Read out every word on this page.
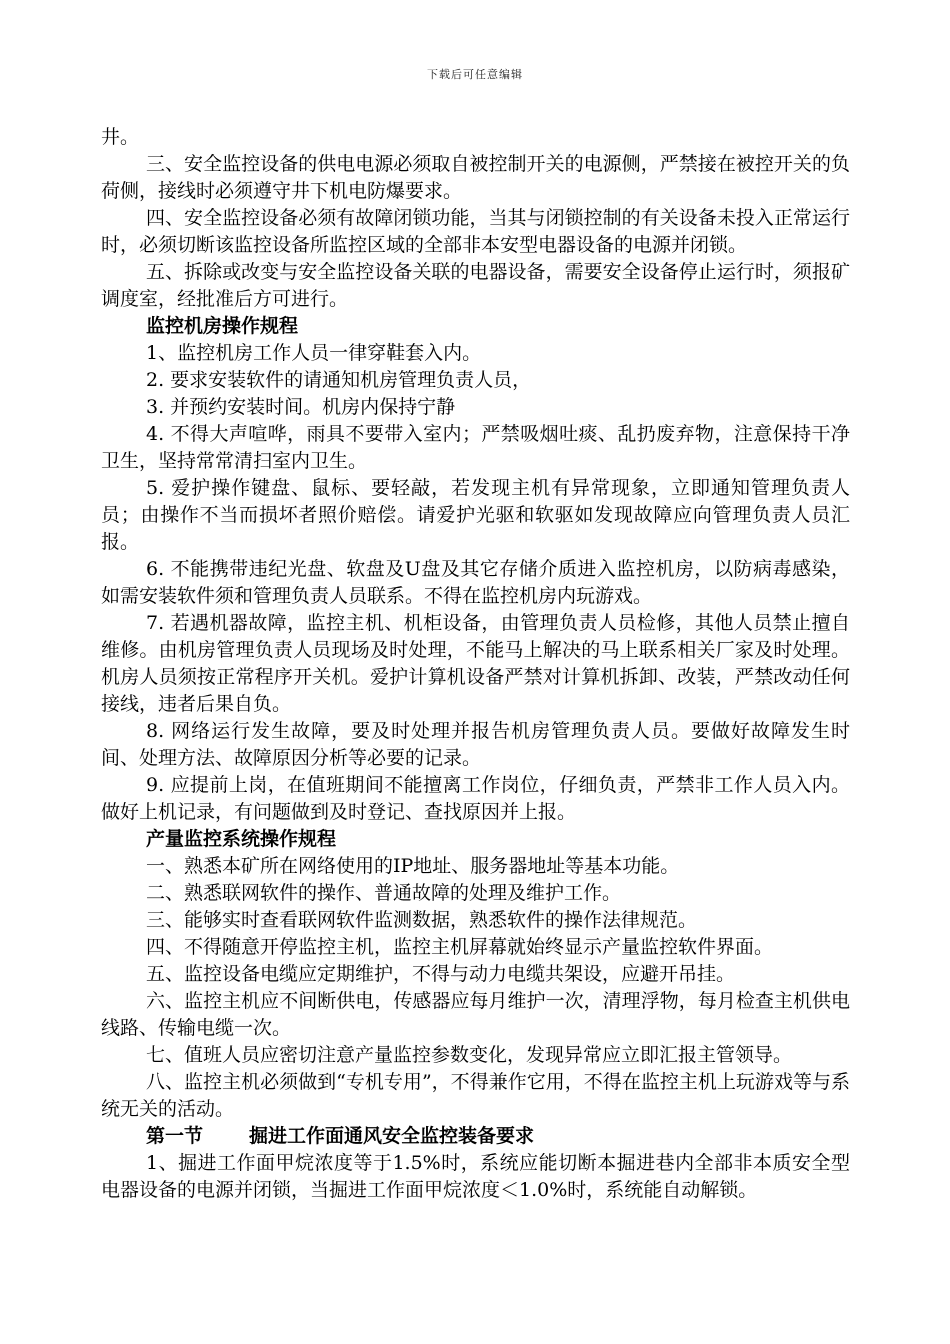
下载后可任意编辑

井。

三、安全监控设备的供电电源必须取自被控制开关的电源侧，严禁接在被控开关的负荷侧，接线时必须遵守井下机电防爆要求。

四、安全监控设备必须有故障闭锁功能，当其与闭锁控制的有关设备未投入正常运行时，必须切断该监控设备所监控区域的全部非本安型电器设备的电源并闭锁。

五、拆除或改变与安全监控设备关联的电器设备，需要安全设备停止运行时，须报矿调度室，经批准后方可进行。

监控机房操作规程

1、监控机房工作人员一律穿鞋套入内。

2. 要求安装软件的请通知机房管理负责人员，

3. 并预约安装时间。机房内保持宁静

4. 不得大声喧哗，雨具不要带入室内；严禁吸烟吐痰、乱扔废弃物，注意保持干净卫生，坚持常常清扫室内卫生。

5. 爱护操作键盘、鼠标、要轻敲，若发现主机有异常现象，立即通知管理负责人员；由操作不当而损坏者照价赔偿。请爱护光驱和软驱如发现故障应向管理负责人员汇报。

6. 不能携带违纪光盘、软盘及U盘及其它存储介质进入监控机房，以防病毒感染，如需安装软件须和管理负责人员联系。不得在监控机房内玩游戏。

7. 若遇机器故障，监控主机、机柜设备，由管理负责人员检修，其他人员禁止擅自维修。由机房管理负责人员现场及时处理，不能马上解决的马上联系相关厂家及时处理。机房人员须按正常程序开关机。爱护计算机设备严禁对计算机拆卸、改装，严禁改动任何接线，违者后果自负。

8. 网络运行发生故障，要及时处理并报告机房管理负责人员。要做好故障发生时间、处理方法、故障原因分析等必要的记录。

9. 应提前上岗，在值班期间不能擅离工作岗位，仔细负责，严禁非工作人员入内。做好上机记录，有问题做到及时登记、查找原因并上报。

产量监控系统操作规程

一、熟悉本矿所在网络使用的IP地址、服务器地址等基本功能。

二、熟悉联网软件的操作、普通故障的处理及维护工作。

三、能够实时查看联网软件监测数据，熟悉软件的操作法律规范。

四、不得随意开停监控主机，监控主机屏幕就始终显示产量监控软件界面。

五、监控设备电缆应定期维护，不得与动力电缆共架设，应避开吊挂。

六、监控主机应不间断供电，传感器应每月维护一次，清理浮物，每月检查主机供电线路、传输电缆一次。

七、值班人员应密切注意产量监控参数变化，发现异常应立即汇报主管领导。

八、监控主机必须做到“专机专用”，不得兼作它用，不得在监控主机上玩游戏等与系统无关的活动。

第一节 掘进工作面通风安全监控装备要求

1、掘进工作面甲烷浓度等于1.5%时，系统应能切断本掘进巷内全部非本质安全型电器设备的电源并闭锁，当掘进工作面甲烷浓度＜1.0%时，系统能自动解锁。
